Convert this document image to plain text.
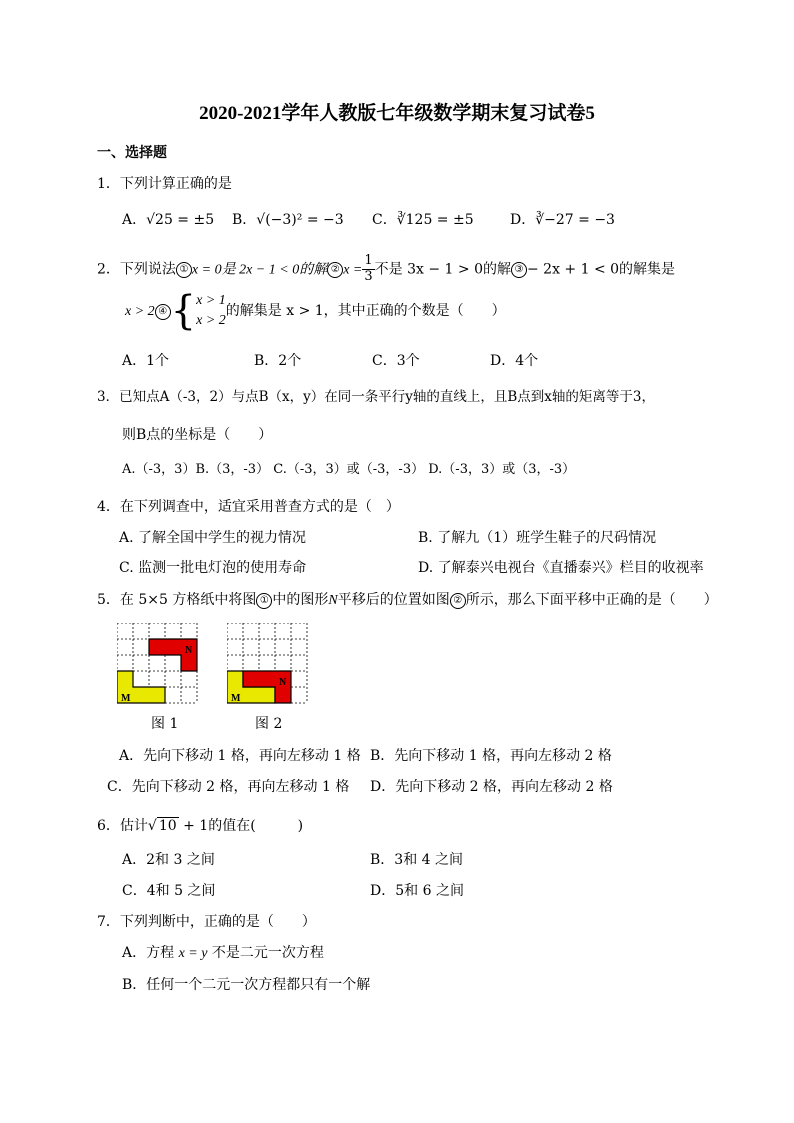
2020-2021学年人教版七年级数学期末复习试卷5
一、选择题
1．下列计算正确的是
A．√25 = ±5 B．√(−3)² = −3 C．∛125 = ±5	D．∛−27 = −3
2．下列说法 ① x = 0是 2x − 1 < 0的解 ② $x = \frac{1}{3}$ 不是 3x − 1 > 0的解 ③ − 2x + 1 < 0的解集是
x > 2 ④{ x > 1
x > 2
的解集是 x > 1，其中正确的个数是（　　）
A．1个	B．2个	C．3个	D．4个
3．已知点A（-3，2）与点B（x，y）在同一条平行y轴的直线上，且B点到x轴的矩离等于3，
则B点的坐标是（　　）
A.（-3，3）B.（3，-3） C.（-3，3）或（-3，-3） D.（-3，3）或（3，-3）
4．在下列调查中，适宜采用普查方式的是（　）
A. 了解全国中学生的视力情况	B. 了解九（1）班学生鞋子的尺码情况
C. 监测一批电灯泡的使用寿命	D. 了解泰兴电视台《直播泰兴》栏目的收视率
5．在 5×5 方格纸中将图 ① 中的图形N平移后的位置如图 ② 所示，那么下面平移中正确的是（　　）
N
M
N
M
图 1	图 2
A．先向下移动 1 格，再向左移动 1 格 B．先向下移动 1 格，再向左移动 2 格
C．先向下移动 2 格，再向左移动 1 格 D．先向下移动 2 格，再向左移动 2 格
6．估计√ 10 + 1的值在(　　　)
A．2和 3 之间	B．3和 4 之间
C．4和 5 之间	D．5和 6 之间
7．下列判断中，正确的是（　　）
A．方程 x = y 不是二元一次方程
B．任何一个二元一次方程都只有一个解
